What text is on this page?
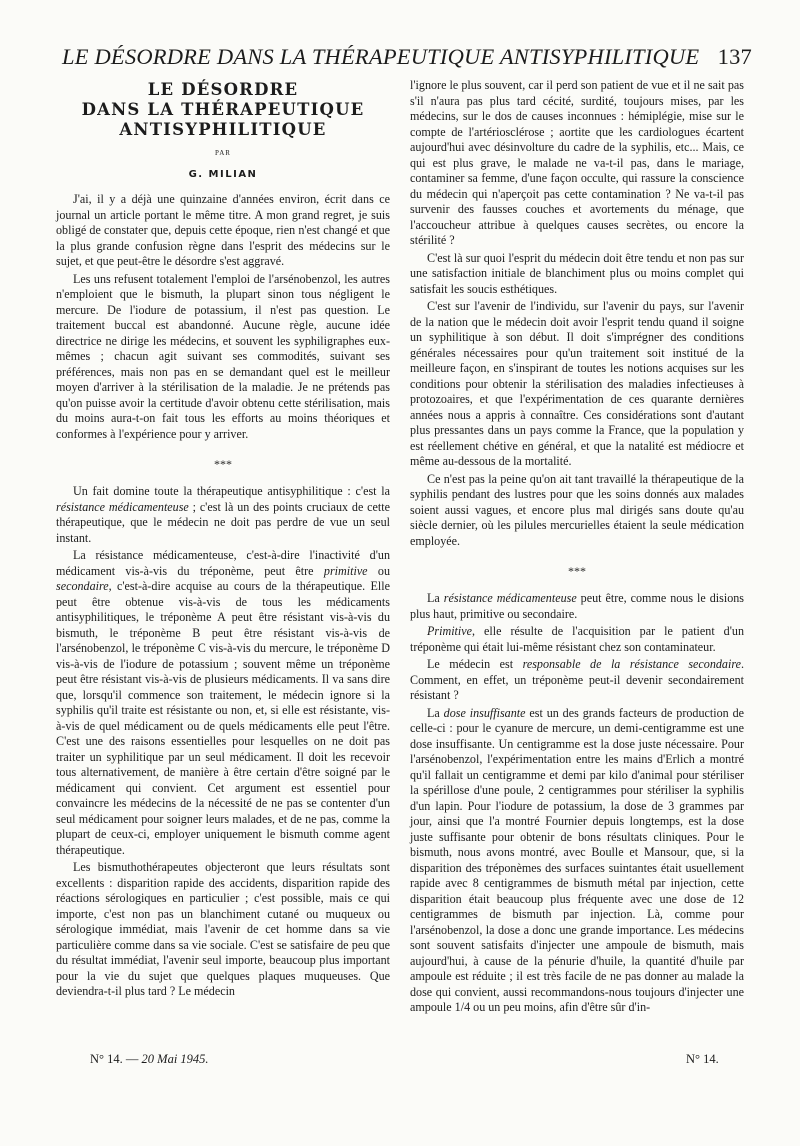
LE DÉSORDRE DANS LA THÉRAPEUTIQUE ANTISYPHILITIQUE 137
LE DÉSORDRE
DANS LA THÉRAPEUTIQUE
ANTISYPHILITIQUE
PAR
G. MILIAN

J'ai, il y a déjà une quinzaine d'années environ, écrit dans ce journal un article portant le même titre. A mon grand regret, je suis obligé de constater que, depuis cette époque, rien n'est changé et que la plus grande confusion règne dans l'esprit des médecins sur le sujet, et que peut-être le désordre s'est aggravé.

Les uns refusent totalement l'emploi de l'arsénobenzol, les autres n'emploient que le bismuth, la plupart sinon tous négligent le mercure. De l'iodure de potassium, il n'est pas question. Le traitement buccal est abandonné. Aucune règle, aucune idée directrice ne dirige les médecins, et souvent les syphiligraphes eux-mêmes ; chacun agit suivant ses commodités, suivant ses préférences, mais non pas en se demandant quel est le meilleur moyen d'arriver à la stérilisation de la maladie. Je ne prétends pas qu'on puisse avoir la certitude d'avoir obtenu cette stérilisation, mais du moins aura-t-on fait tous les efforts au moins théoriques et conformes à l'expérience pour y arriver.

***

Un fait domine toute la thérapeutique antisyphilitique : c'est la résistance médicamenteuse ; c'est là un des points cruciaux de cette thérapeutique, que le médecin ne doit pas perdre de vue un seul instant.

La résistance médicamenteuse, c'est-à-dire l'inactivité d'un médicament vis-à-vis du tréponème, peut être primitive ou secondaire, c'est-à-dire acquise au cours de la thérapeutique. Elle peut être obtenue vis-à-vis de tous les médicaments antisyphilitiques, le tréponème A peut être résistant vis-à-vis du bismuth, le tréponème B peut être résistant vis-à-vis de l'arsénobenzol, le tréponème C vis-à-vis du mercure, le tréponème D vis-à-vis de l'iodure de potassium ; souvent même un tréponème peut être résistant vis-à-vis de plusieurs médicaments. Il va sans dire que, lorsqu'il commence son traitement, le médecin ignore si la syphilis qu'il traite est résistante ou non, et, si elle est résistante, vis-à-vis de quel médicament ou de quels médicaments elle peut l'être. C'est une des raisons essentielles pour lesquelles on ne doit pas traiter un syphilitique par un seul médicament. Il doit les recevoir tous alternativement, de manière à être certain d'être soigné par le médicament qui convient. Cet argument est essentiel pour convaincre les médecins de la nécessité de ne pas se contenter d'un seul médicament pour soigner leurs malades, et de ne pas, comme la plupart de ceux-ci, employer uniquement le bismuth comme agent thérapeutique.

Les bismuthothérapeutes objecteront que leurs résultats sont excellents : disparition rapide des accidents, disparition rapide des réactions sérologiques en particulier ; c'est possible, mais ce qui importe, c'est non pas un blanchiment cutané ou muqueux ou sérologique immédiat, mais l'avenir de cet homme dans sa vie particulière comme dans sa vie sociale. C'est se satisfaire de peu que du résultat immédiat, l'avenir seul importe, beaucoup plus important pour la vie du sujet que quelques plaques muqueuses. Que deviendra-t-il plus tard ? Le médecin

l'ignore le plus souvent, car il perd son patient de vue et il ne sait pas s'il n'aura pas plus tard cécité, surdité, toujours mises, par les médecins, sur le dos de causes inconnues : hémiplégie, mise sur le compte de l'artériosclérose ; aortite que les cardiologues écartent aujourd'hui avec désinvolture du cadre de la syphilis, etc... Mais, ce qui est plus grave, le malade ne va-t-il pas, dans le mariage, contaminer sa femme, d'une façon occulte, qui rassure la conscience du médecin qui n'aperçoit pas cette contamination ? Ne va-t-il pas survenir des fausses couches et avortements du ménage, que l'accoucheur attribue à quelques causes secrètes, ou encore la stérilité ?

C'est là sur quoi l'esprit du médecin doit être tendu et non pas sur une satisfaction initiale de blanchiment plus ou moins complet qui satisfait les soucis esthétiques.

C'est sur l'avenir de l'individu, sur l'avenir du pays, sur l'avenir de la nation que le médecin doit avoir l'esprit tendu quand il soigne un syphilitique à son début. Il doit s'imprégner des conditions générales nécessaires pour qu'un traitement soit institué de la meilleure façon, en s'inspirant de toutes les notions acquises sur les conditions pour obtenir la stérilisation des maladies infectieuses à protozoaires, et que l'expérimentation de ces quarante dernières années nous a appris à connaître. Ces considérations sont d'autant plus pressantes dans un pays comme la France, que la population y est réellement chétive en général, et que la natalité est médiocre et même au-dessous de la mortalité.

Ce n'est pas la peine qu'on ait tant travaillé la thérapeutique de la syphilis pendant des lustres pour que les soins donnés aux malades soient aussi vagues, et encore plus mal dirigés sans doute qu'au siècle dernier, où les pilules mercurielles étaient la seule médication employée.

***

La résistance médicamenteuse peut être, comme nous le disions plus haut, primitive ou secondaire.

Primitive, elle résulte de l'acquisition par le patient d'un tréponème qui était lui-même résistant chez son contaminateur.

Le médecin est responsable de la résistance secondaire. Comment, en effet, un tréponème peut-il devenir secondairement résistant ?

La dose insuffisante est un des grands facteurs de production de celle-ci : pour le cyanure de mercure, un demi-centigramme est une dose insuffisante. Un centigramme est la dose juste nécessaire. Pour l'arsénobenzol, l'expérimentation entre les mains d'Erlich a montré qu'il fallait un centigramme et demi par kilo d'animal pour stériliser la spérillose d'une poule, 2 centigrammes pour stériliser la syphilis d'un lapin. Pour l'iodure de potassium, la dose de 3 grammes par jour, ainsi que l'a montré Fournier depuis longtemps, est la dose juste suffisante pour obtenir de bons résultats cliniques. Pour le bismuth, nous avons montré, avec Boulle et Mansour, que, si la disparition des tréponèmes des surfaces suintantes était usuellement rapide avec 8 centigrammes de bismuth métal par injection, cette disparition était beaucoup plus fréquente avec une dose de 12 centigrammes de bismuth par injection. Là, comme pour l'arsénobenzol, la dose a donc une grande importance. Les médecins sont souvent satisfaits d'injecter une ampoule de bismuth, mais aujourd'hui, à cause de la pénurie d'huile, la quantité d'huile par ampoule est réduite ; il est très facile de ne pas donner au malade la dose qui convient, aussi recommandons-nous toujours d'injecter une ampoule 1/4 ou un peu moins, afin d'être sûr d'in-

N° 14. — 20 Mai 1945.	N° 14.
